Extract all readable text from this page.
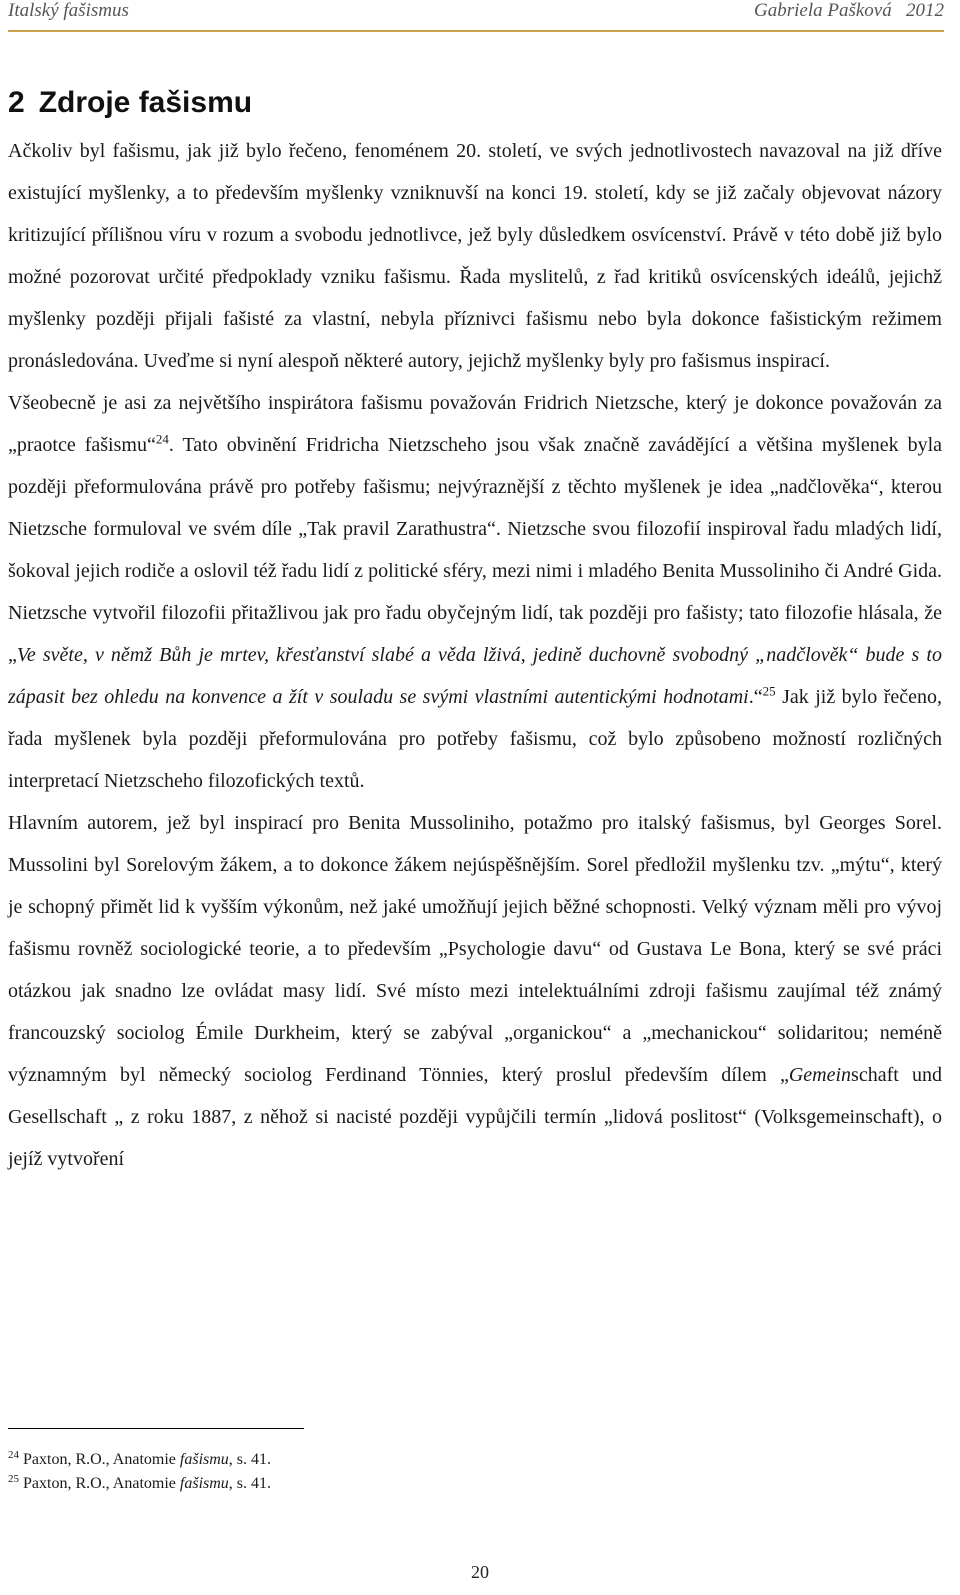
Italský fašismus	Gabriela Pašková 2012
2 Zdroje fašismu

Ačkoliv byl fašismu, jak již bylo řečeno, fenoménem 20. století, ve svých jednotlivostech navazoval na již dříve existující myšlenky, a to především myšlenky vzniknuvší na konci 19. století, kdy se již začaly objevovat názory kritizující přílišnou víru v rozum a svobodu jednotlivce, jež byly důsledkem osvícenství. Právě v této době již bylo možné pozorovat určité předpoklady vzniku fašismu. Řada myslitelů, z řad kritiků osvícenských ideálů, jejichž myšlenky později přijali fašisté za vlastní, nebyla příznivci fašismu nebo byla dokonce fašistickým režimem pronásledována. Uveďme si nyní alespoň některé autory, jejichž myšlenky byly pro fašismus inspirací.

Všeobecně je asi za největšího inspirátora fašismu považován Fridrich Nietzsche, který je dokonce považován za „praotce fašismu“$^{24}$. Tato obvinění Fridricha Nietzscheho jsou však značně zavádějící a většina myšlenek byla později přeformulována právě pro potřeby fašismu; nejvýraznější z těchto myšlenek je idea „nadčlověka“, kterou Nietzsche formuloval ve svém díle „Tak pravil Zarathustra“. Nietzsche svou filozofií inspiroval řadu mladých lidí, šokoval jejich rodiče a oslovil též řadu lidí z politické sféry, mezi nimi i mladého Benita Mussoliniho či André Gida. Nietzsche vytvořil filozofii přitažlivou jak pro řadu obyčejným lidí, tak později pro fašisty; tato filozofie hlásala, že „Ve světe, v němž Bůh je mrtev, křesťanství slabé a věda lživá, jedině duchovně svobodný „nadčlověk“ bude s to zápasit bez ohledu na konvence a žít v souladu se svými vlastními autentickými hodnotami.“$^{25}$ Jak již bylo řečeno, řada myšlenek byla později přeformulována pro potřeby fašismu, což bylo způsobeno možností rozličných interpretací Nietzscheho filozofických textů.

Hlavním autorem, jež byl inspirací pro Benita Mussoliniho, potažmo pro italský fašismus, byl Georges Sorel. Mussolini byl Sorelovým žákem, a to dokonce žákem nejúspěšnějším. Sorel předložil myšlenku tzv. „mýtu“, který je schopný přimět lid k vyšším výkonům, než jaké umožňují jejich běžné schopnosti. Velký význam měli pro vývoj fašismu rovněž sociologické teorie, a to především „Psychologie davu“ od Gustava Le Bona, který se své práci otázkou jak snadno lze ovládat masy lidí. Své místo mezi intelektuálními zdroji fašismu zaujímal též známý francouzský sociolog Émile Durkheim, který se zabýval „organickou“ a „mechanickou“ solidaritou; neméně významným byl německý sociolog Ferdinand Tönnies, který proslul především dílem „Gemeinschaft und Gesellschaft „ z roku 1887, z něhož si nacisté později vypůjčili termín „lidová poslitost“ (Volksgemeinschaft), o jejíž vytvoření

$^{24}$ Paxton, R.O., Anatomie fašismu, s. 41.
$^{25}$ Paxton, R.O., Anatomie fašismu, s. 41.
20
